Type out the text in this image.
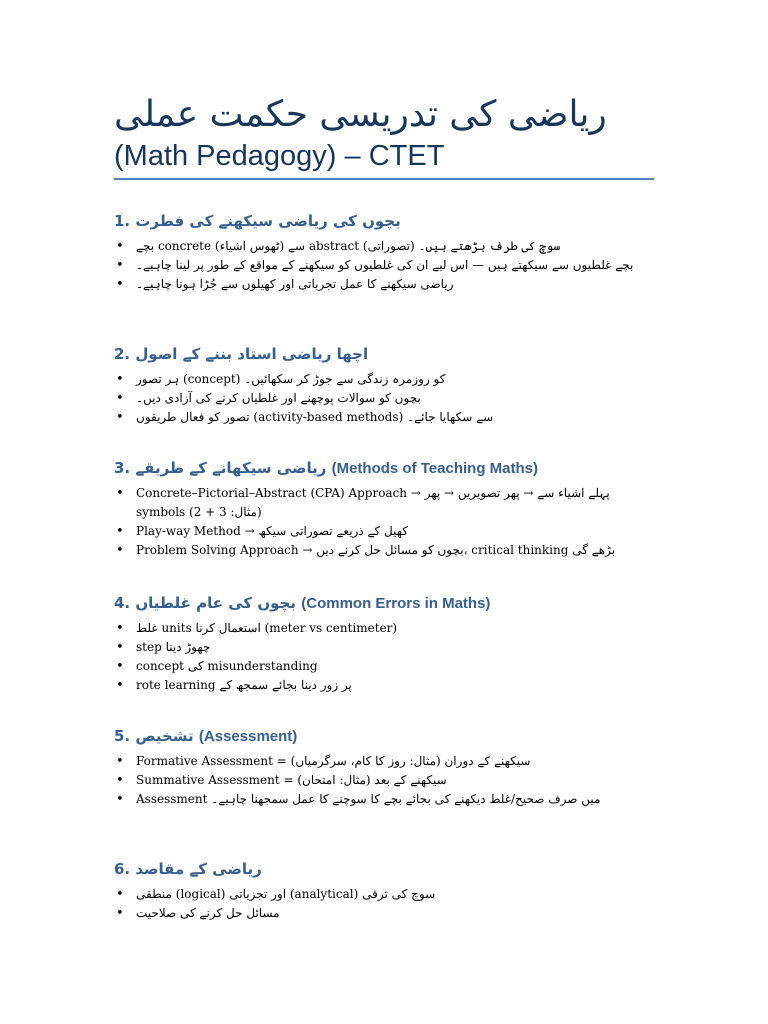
ریاضی کی تدریسی حکمت عملی
(Math Pedagogy) – CTET
1. بچوں کی ریاضی سیکھنے کی فطرت
• بچے concrete (ٹھوس اشیاء) سے abstract (تصوراتی) سوچ کی طرف بڑھتے ہیں۔
• بچے غلطیوں سے سیکھتے ہیں — اس لیے ان کی غلطیوں کو سیکھنے کے مواقع کے طور پر لینا چاہیے۔
• ریاضی سیکھنے کا عمل تجرباتی اور کھیلوں سے جُڑا ہونا چاہیے۔
2. اچھا ریاضی استاد بننے کے اصول
• ہر تصور (concept) کو روزمرہ زندگی سے جوڑ کر سکھائیں۔
• بچوں کو سوالات پوچھنے اور غلطیاں کرنے کی آزادی دیں۔
• تصور کو فعال طریقوں (activity-based methods) سے سکھایا جائے۔
3. ریاضی سیکھانے کے طریقے (Methods of Teaching Maths)
• Concrete–Pictorial–Abstract (CPA) Approach → پہلے اشیاء سے → پھر تصویریں → پھر symbols (مثال: 3 + 2)
• Play-way Method → کھیل کے ذریعے تصوراتی سیکھ
• Problem Solving Approach → بچوں کو مسائل حل کرنے دیں، critical thinking بڑھے گی
4. بچوں کی عام غلطیاں (Common Errors in Maths)
• غلط units استعمال کرنا (meter vs centimeter)
• step چھوڑ دینا
• concept کی misunderstanding
• rote learning پر زور دینا بجائے سمجھ کے
5. تشخیص (Assessment)
• Formative Assessment = سیکھنے کے دوران (مثال: روز کا کام، سرگرمیاں)
• Summative Assessment = سیکھنے کے بعد (مثال: امتحان)
• Assessment میں صرف صحیح/غلط دیکھنے کی بجائے بچے کا سوچنے کا عمل سمجھنا چاہیے۔
6. ریاضی کے مقاصد
• منطقی (logical) اور تجزیاتی (analytical) سوچ کی ترقی
• مسائل حل کرنے کی صلاحیت
